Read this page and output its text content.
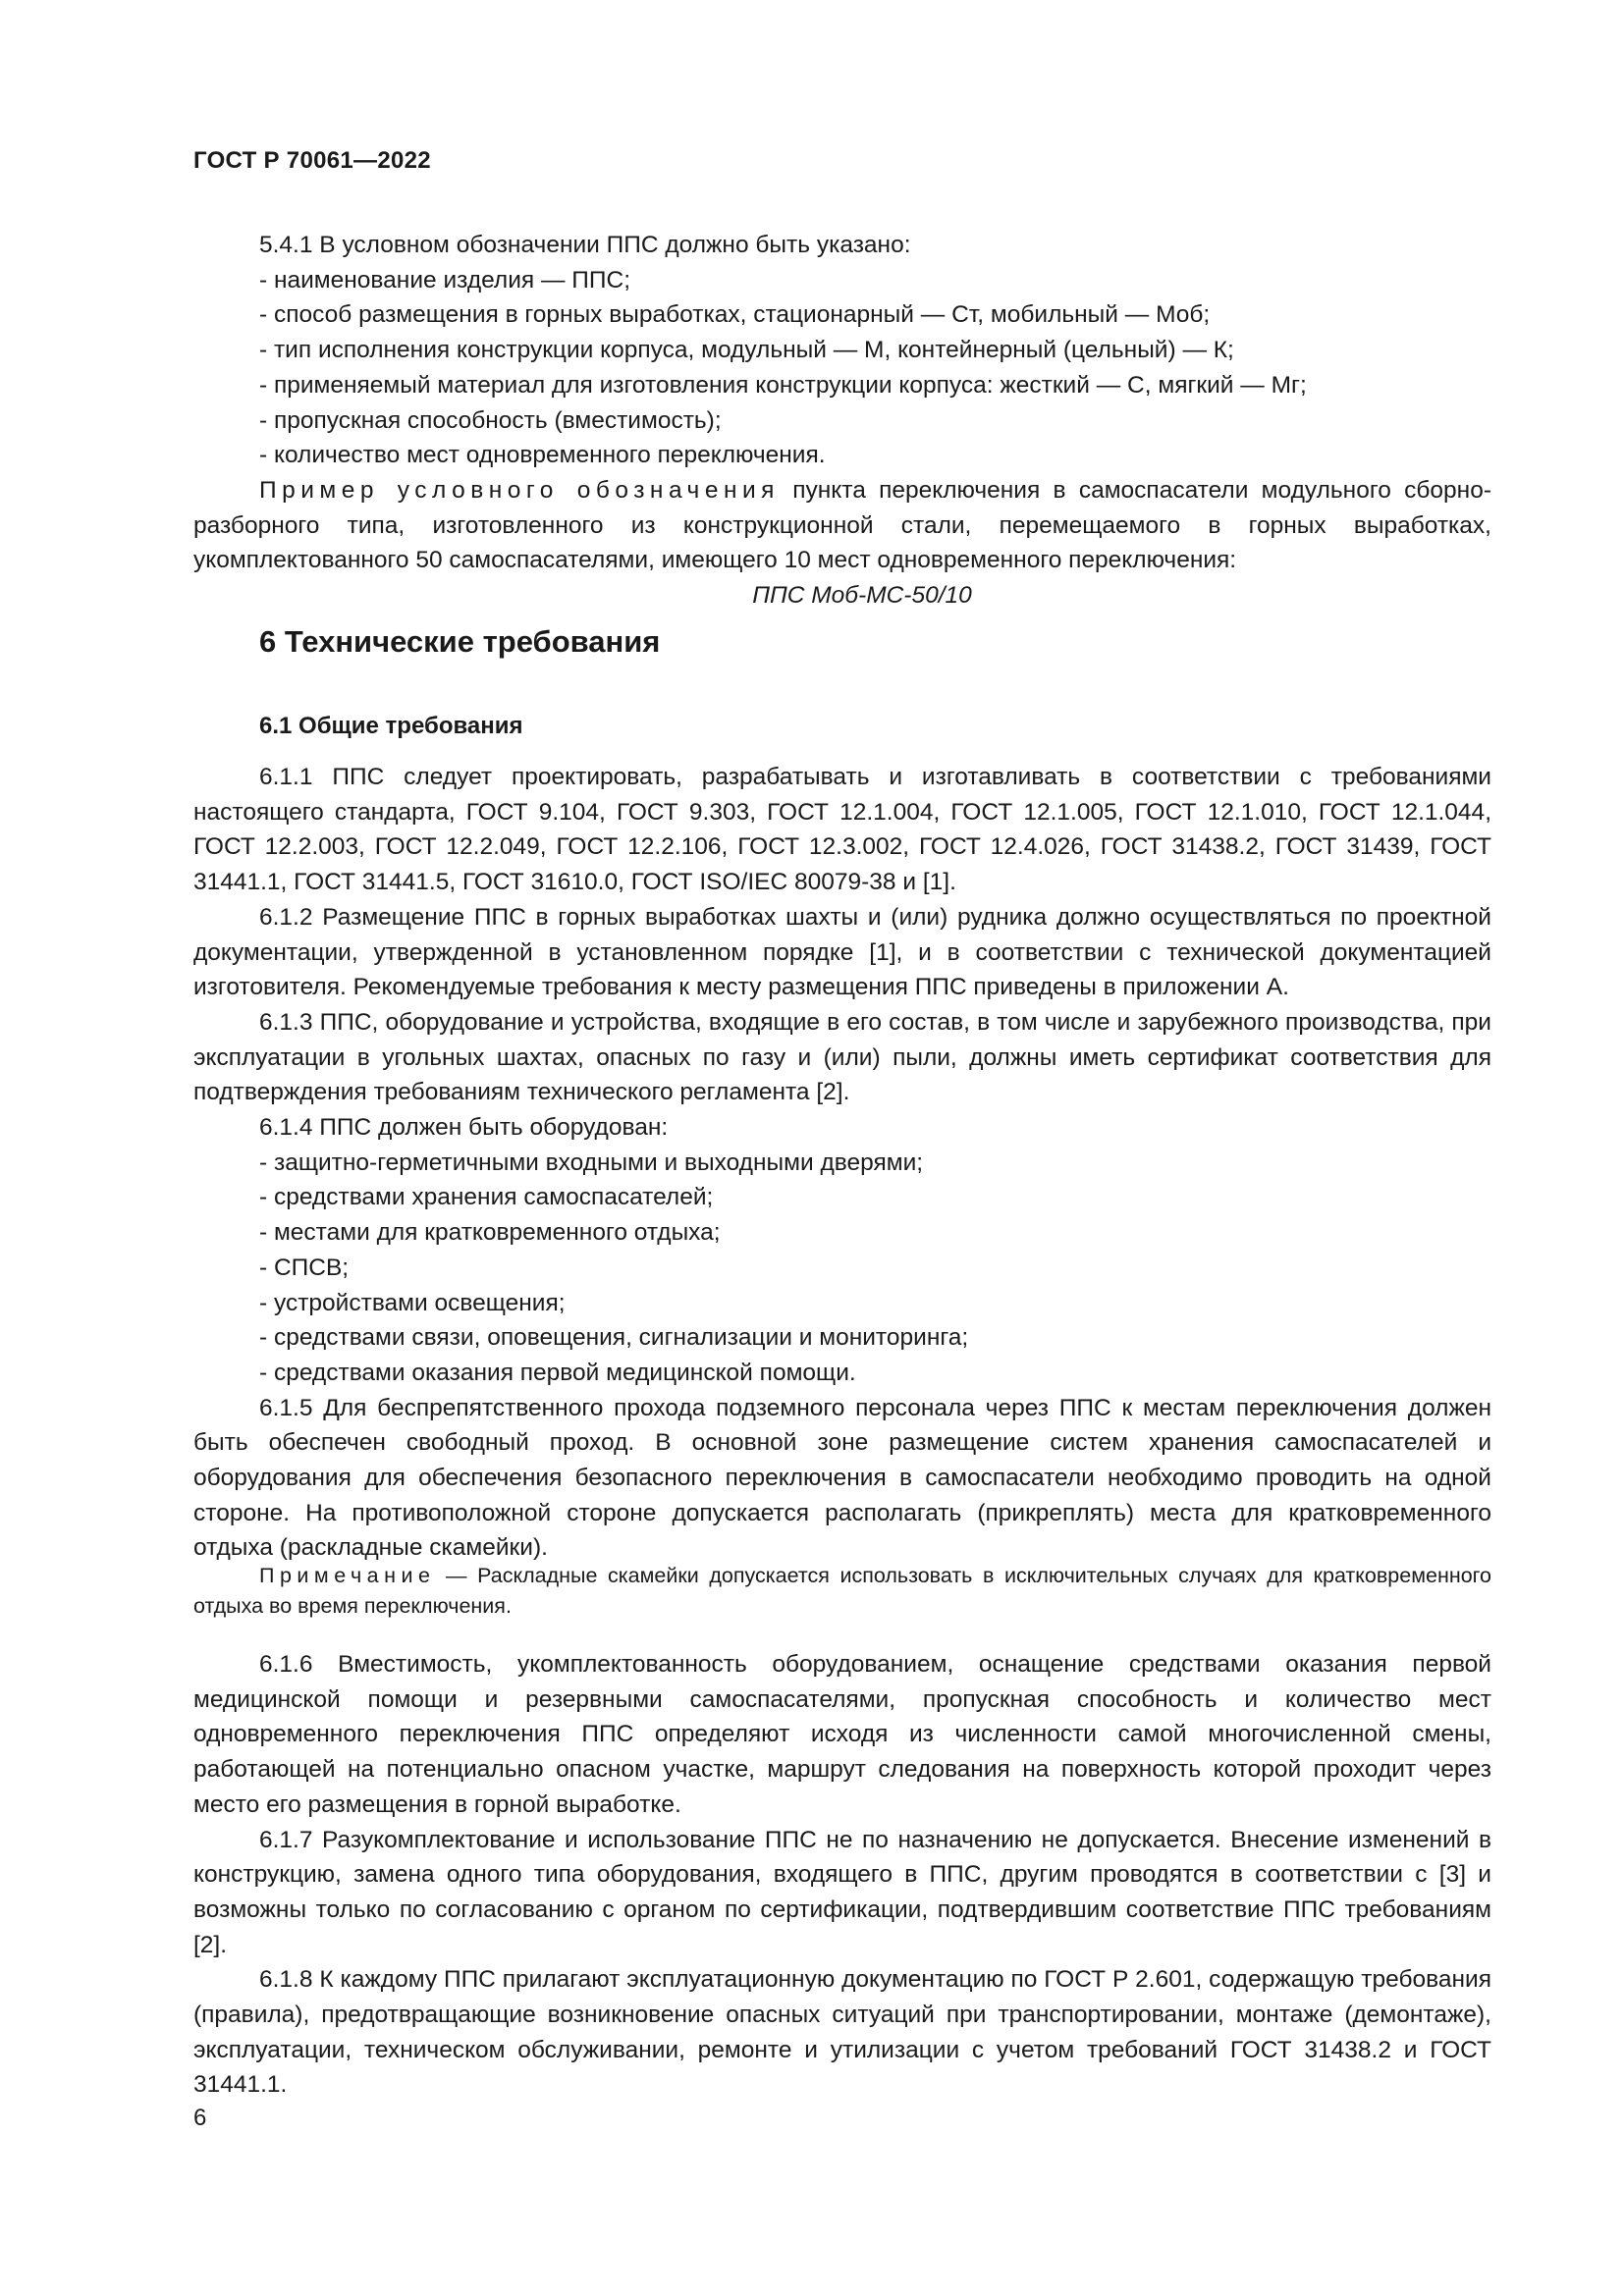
ГОСТ Р 70061—2022

5.4.1 В условном обозначении ППС должно быть указано:

- наименование изделия — ППС;

- способ размещения в горных выработках, стационарный — Ст, мобильный — Моб;

- тип исполнения конструкции корпуса, модульный — М, контейнерный (цельный) — К;

- применяемый материал для изготовления конструкции корпуса: жесткий — С, мягкий — Мг;

- пропускная способность (вместимость);

- количество мест одновременного переключения.

Пример условного обозначения пункта переключения в самоспасатели модульного сборно-разборного типа, изготовленного из конструкционной стали, перемещаемого в горных выработках, укомплектованного 50 самоспасателями, имеющего 10 мест одновременного переключения:

ППС Моб-МС-50/10

6 Технические требования
6.1 Общие требования

6.1.1 ППС следует проектировать, разрабатывать и изготавливать в соответствии с требованиями настоящего стандарта, ГОСТ 9.104, ГОСТ 9.303, ГОСТ 12.1.004, ГОСТ 12.1.005, ГОСТ 12.1.010, ГОСТ 12.1.044, ГОСТ 12.2.003, ГОСТ 12.2.049, ГОСТ 12.2.106, ГОСТ 12.3.002, ГОСТ 12.4.026, ГОСТ 31438.2, ГОСТ 31439, ГОСТ 31441.1, ГОСТ 31441.5, ГОСТ 31610.0, ГОСТ ISO/IEC 80079-38 и [1].

6.1.2 Размещение ППС в горных выработках шахты и (или) рудника должно осуществляться по проектной документации, утвержденной в установленном порядке [1], и в соответствии с технической документацией изготовителя. Рекомендуемые требования к месту размещения ППС приведены в приложении А.

6.1.3 ППС, оборудование и устройства, входящие в его состав, в том числе и зарубежного производства, при эксплуатации в угольных шахтах, опасных по газу и (или) пыли, должны иметь сертификат соответствия для подтверждения требованиям технического регламента [2].

6.1.4 ППС должен быть оборудован:

- защитно-герметичными входными и выходными дверями;

- средствами хранения самоспасателей;

- местами для кратковременного отдыха;

- СПСВ;

- устройствами освещения;

- средствами связи, оповещения, сигнализации и мониторинга;

- средствами оказания первой медицинской помощи.

6.1.5 Для беспрепятственного прохода подземного персонала через ППС к местам переключения должен быть обеспечен свободный проход. В основной зоне размещение систем хранения самоспасателей и оборудования для обеспечения безопасного переключения в самоспасатели необходимо проводить на одной стороне. На противоположной стороне допускается располагать (прикреплять) места для кратковременного отдыха (раскладные скамейки).

Примечание — Раскладные скамейки допускается использовать в исключительных случаях для кратковременного отдыха во время переключения.

6.1.6 Вместимость, укомплектованность оборудованием, оснащение средствами оказания первой медицинской помощи и резервными самоспасателями, пропускная способность и количество мест одновременного переключения ППС определяют исходя из численности самой многочисленной смены, работающей на потенциально опасном участке, маршрут следования на поверхность которой проходит через место его размещения в горной выработке.

6.1.7 Разукомплектование и использование ППС не по назначению не допускается. Внесение изменений в конструкцию, замена одного типа оборудования, входящего в ППС, другим проводятся в соответствии с [3] и возможны только по согласованию с органом по сертификации, подтвердившим соответствие ППС требованиям [2].

6.1.8 К каждому ППС прилагают эксплуатационную документацию по ГОСТ Р 2.601, содержащую требования (правила), предотвращающие возникновение опасных ситуаций при транспортировании, монтаже (демонтаже), эксплуатации, техническом обслуживании, ремонте и утилизации с учетом требований ГОСТ 31438.2 и ГОСТ 31441.1.

6
